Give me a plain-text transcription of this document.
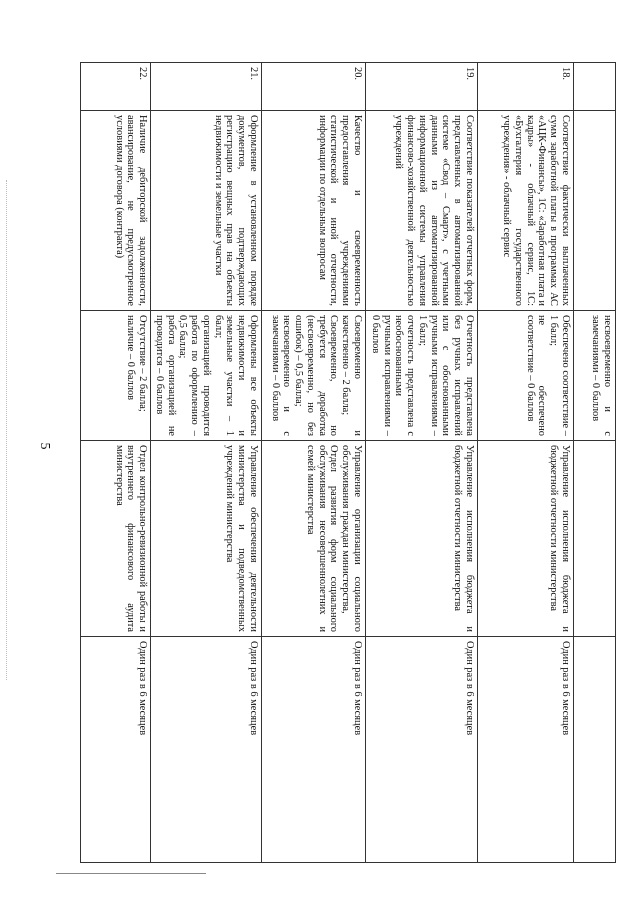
5
		несвоевременно и с замечаниями – 0 баллов		
18.	Соответствие фактически выплаченных сумм заработной платы в программах АС «АЦК-Финансы», 1С: «Заработная плата и кадры» - облачный сервис, 1С: «Бухгалтерия государственного учреждения» - облачный сервис	Обеспечено соответствие – 1 балл;
не обеспечено соответствие – 0 баллов	Управление исполнения бюджета и бюджетной отчетности министерства	Один раз в 6 месяцев
19.	Соответствие показателей отчетных форм, представленных в автоматизированной системе «Свод – Смарт», с учетными данными из автоматизированной информационной системы управления финансово-хозяйственной деятельностью учреждений	Отчетность представлена без ручных исправлений или с обоснованными ручными исправлениями – 1 балл;
отчетность представлена с необоснованными ручными исправлениями – 0 баллов	Управление исполнения бюджета и бюджетной отчетности министерства	Один раз в 6 месяцев
20.	Качество и своевременность предоставления учреждениями статистической и иной отчетности, информации по отдельным вопросам	Своевременно и качественно – 2 балла;
Своевременно, но требуется доработка (несвоевременно, но без ошибок) – 0,5 балла;
несвоевременно и с замечаниями – 0 баллов	Управление организации социального обслуживания граждан министерства,
Отдел развития форм социального обслуживания несовершеннолетних и семей министерства	Один раз в 6 месяцев
21.	Оформление в установленном порядке документов, подтверждающих регистрацию вещных прав на объекты недвижимости и земельные участки	Оформлены все объекты недвижимости и земельные участки – 1 балл;
организацией проводится работа по оформлению – 0,5 балла;
работа организацией не проводится – 0 баллов	Управление обеспечения деятельности министерства и подведомственных учреждений министерства	Один раз в 6 месяцев
22.	Наличие дебиторской задолженности, авансирование, не предусмотренное условиями договора (контракта)	Отсутствие – 2 балла;
наличие – 0 баллов	Отдел контрольно-ревизионной работы и внутреннего финансового аудита министерства	Один раз в 6 месяцев
